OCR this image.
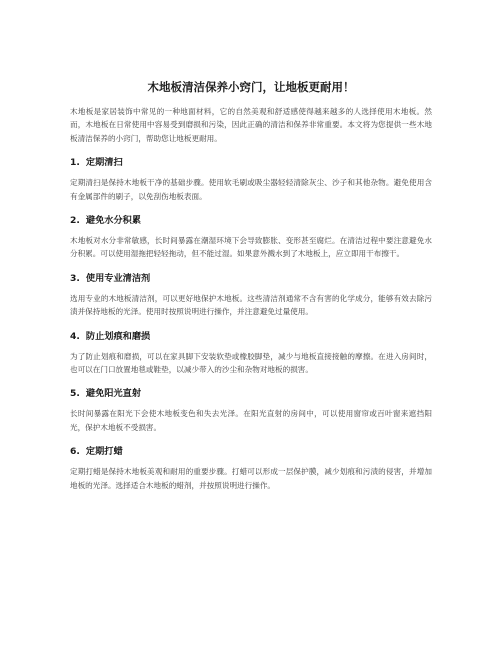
木地板清洁保养小窍门，让地板更耐用！

木地板是家居装饰中常见的一种地面材料，它的自然美观和舒适感使得越来越多的人选择使用木地板。然而，木地板在日常使用中容易受到磨损和污染，因此正确的清洁和保养非常重要。本文将为您提供一些木地板清洁保养的小窍门，帮助您让地板更耐用。

1. 定期清扫

定期清扫是保持木地板干净的基础步骤。使用软毛刷或吸尘器轻轻清除灰尘、沙子和其他杂物。避免使用含有金属部件的刷子，以免刮伤地板表面。

2. 避免水分积累

木地板对水分非常敏感，长时间暴露在潮湿环境下会导致膨胀、变形甚至腐烂。在清洁过程中要注意避免水分积累。可以使用湿拖把轻轻拖动，但不能过湿。如果意外溅水到了木地板上，应立即用干布擦干。

3. 使用专业清洁剂

选用专业的木地板清洁剂，可以更好地保护木地板。这些清洁剂通常不含有害的化学成分，能够有效去除污渍并保持地板的光泽。使用时按照说明进行操作，并注意避免过量使用。

4. 防止划痕和磨损

为了防止划痕和磨损，可以在家具脚下安装软垫或橡胶脚垫，减少与地板直接接触的摩擦。在进入房间时，也可以在门口放置地毯或鞋垫，以减少带入的沙尘和杂物对地板的损害。

5. 避免阳光直射

长时间暴露在阳光下会使木地板变色和失去光泽。在阳光直射的房间中，可以使用窗帘或百叶窗来遮挡阳光，保护木地板不受损害。

6. 定期打蜡

定期打蜡是保持木地板美观和耐用的重要步骤。打蜡可以形成一层保护膜，减少划痕和污渍的侵害，并增加地板的光泽。选择适合木地板的蜡剂，并按照说明进行操作。
